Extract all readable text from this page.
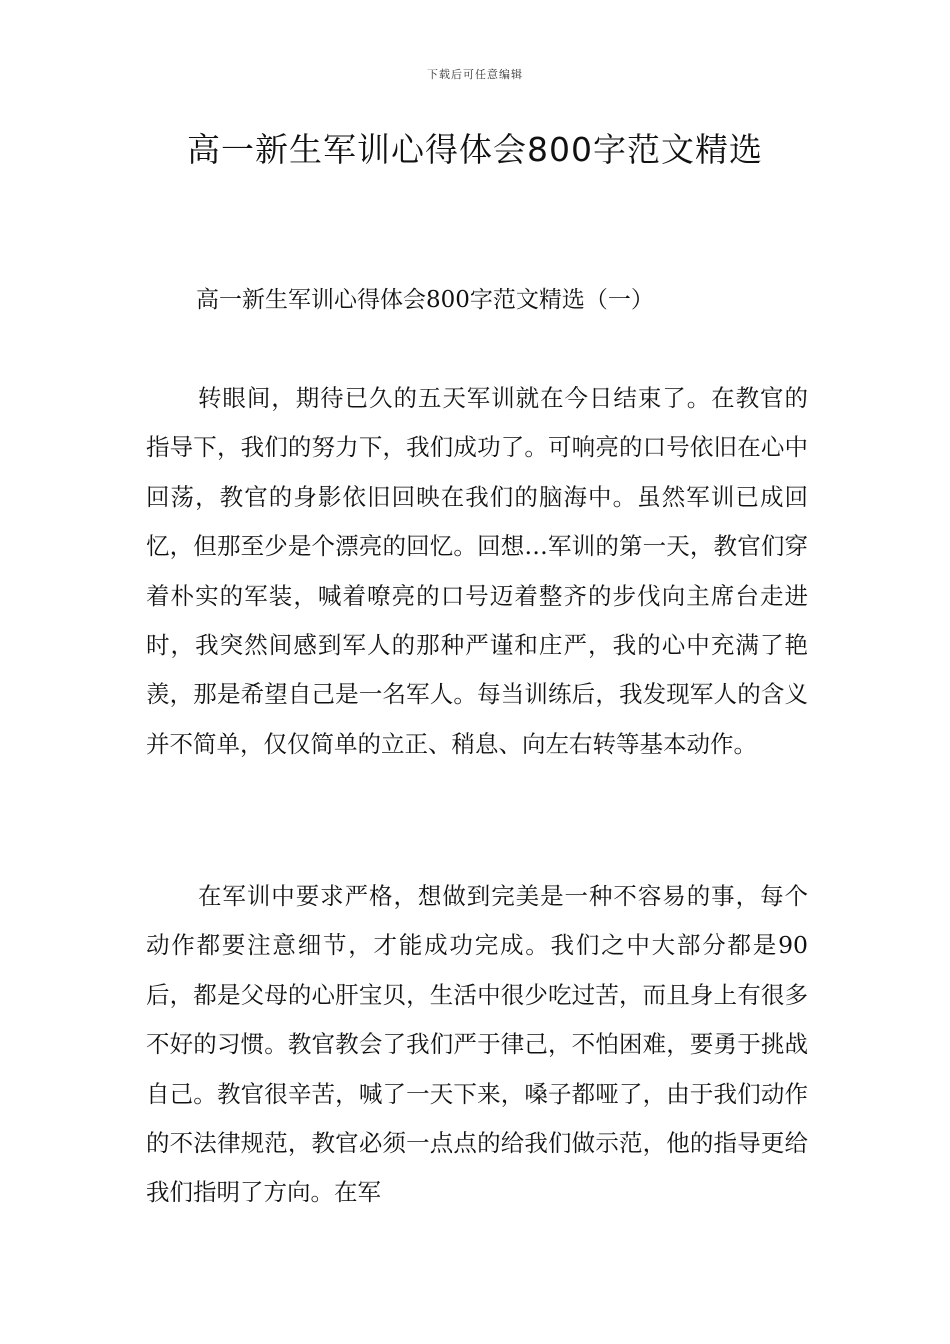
下载后可任意编辑
高一新生军训心得体会800字范文精选
高一新生军训心得体会800字范文精选（一）

转眼间，期待已久的五天军训就在今日结束了。在教官的指导下，我们的努力下，我们成功了。可响亮的口号依旧在心中回荡，教官的身影依旧回映在我们的脑海中。虽然军训已成回忆，但那至少是个漂亮的回忆。回想…军训的第一天，教官们穿着朴实的军装，喊着嘹亮的口号迈着整齐的步伐向主席台走进时，我突然间感到军人的那种严谨和庄严，我的心中充满了艳羡，那是希望自己是一名军人。每当训练后，我发现军人的含义并不简单，仅仅简单的立正、稍息、向左右转等基本动作。

在军训中要求严格，想做到完美是一种不容易的事，每个动作都要注意细节，才能成功完成。我们之中大部分都是90后，都是父母的心肝宝贝，生活中很少吃过苦，而且身上有很多不好的习惯。教官教会了我们严于律己，不怕困难，要勇于挑战自己。教官很辛苦，喊了一天下来，嗓子都哑了，由于我们动作的不法律规范，教官必须一点点的给我们做示范，他的指导更给我们指明了方向。在军
